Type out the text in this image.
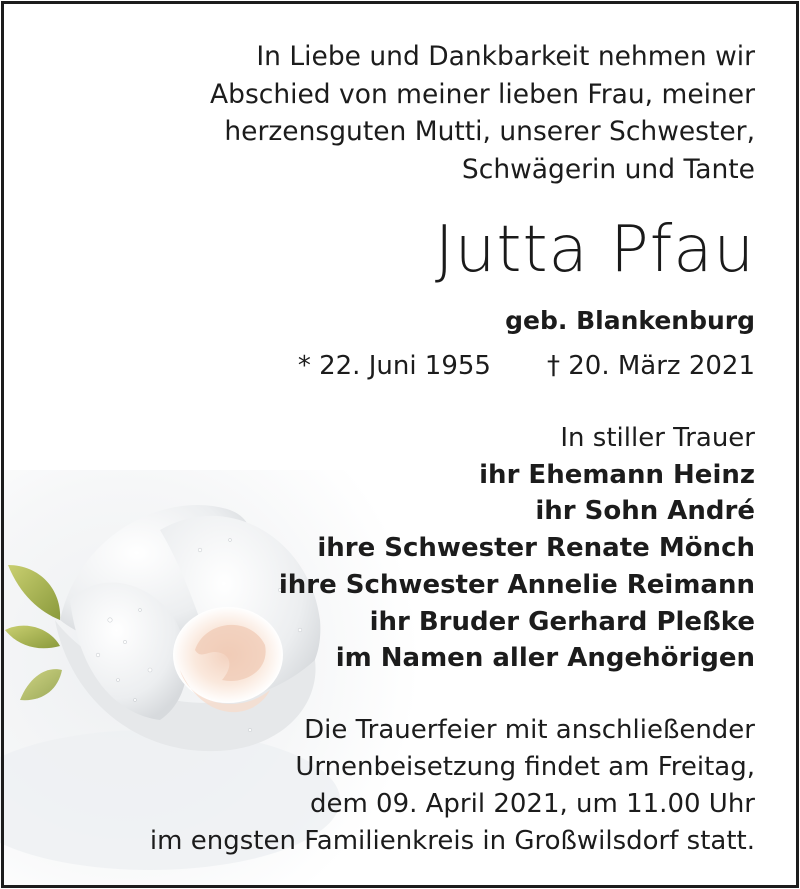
In Liebe und Dankbarkeit nehmen wir
Abschied von meiner lieben Frau, meiner
herzensguten Mutti, unserer Schwester,
Schwägerin und Tante
Jutta Pfau
geb. Blankenburg
* 22. Juni 1955 † 20. März 2021
In stiller Trauer
ihr Ehemann Heinz
ihr Sohn André
ihre Schwester Renate Mönch
ihre Schwester Annelie Reimann
ihr Bruder Gerhard Pleßke
im Namen aller Angehörigen
Die Trauerfeier mit anschließender
Urnenbeisetzung findet am Freitag,
dem 09. April 2021, um 11.00 Uhr
im engsten Familienkreis in Großwilsdorf statt.
